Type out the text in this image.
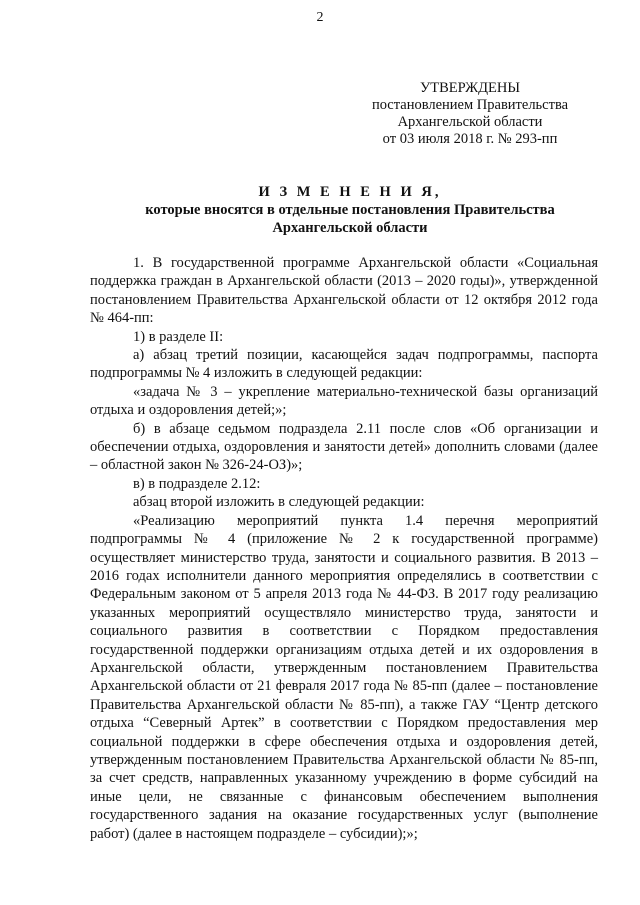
2
УТВЕРЖДЕНЫ
постановлением Правительства
Архангельской области
от 03 июля 2018 г. № 293-пп
И З М Е Н Е Н И Я,
которые вносятся в отдельные постановления Правительства
Архангельской области

1. В государственной программе Архангельской области «Социальная поддержка граждан в Архангельской области (2013 – 2020 годы)», утвержденной постановлением Правительства Архангельской области от 12 октября 2012 года № 464-пп:

1) в разделе II:

а) абзац третий позиции, касающейся задач подпрограммы, паспорта подпрограммы № 4 изложить в следующей редакции:

«задача № 3 – укрепление материально-технической базы организаций отдыха и оздоровления детей;»;

б) в абзаце седьмом подраздела 2.11 после слов «Об организации и обеспечении отдыха, оздоровления и занятости детей» дополнить словами (далее – областной закон № 326-24-ОЗ)»;

в) в подразделе 2.12:

абзац второй изложить в следующей редакции:

«Реализацию мероприятий пункта 1.4 перечня мероприятий подпрограммы № 4 (приложение № 2 к государственной программе) осуществляет министерство труда, занятости и социального развития. В 2013 – 2016 годах исполнители данного мероприятия определялись в соответствии с Федеральным законом от 5 апреля 2013 года № 44-ФЗ. В 2017 году реализацию указанных мероприятий осуществляло министерство труда, занятости и социального развития в соответствии с Порядком предоставления государственной поддержки организациям отдыха детей и их оздоровления в Архангельской области, утвержденным постановлением Правительства Архангельской области от 21 февраля 2017 года № 85-пп (далее – постановление Правительства Архангельской области № 85-пп), а также ГАУ “Центр детского отдыха “Северный Артек” в соответствии с Порядком предоставления мер социальной поддержки в сфере обеспечения отдыха и оздоровления детей, утвержденным постановлением Правительства Архангельской области № 85-пп, за счет средств, направленных указанному учреждению в форме субсидий на иные цели, не связанные с финансовым обеспечением выполнения государственного задания на оказание государственных услуг (выполнение работ) (далее в настоящем подразделе – субсидии);»;
